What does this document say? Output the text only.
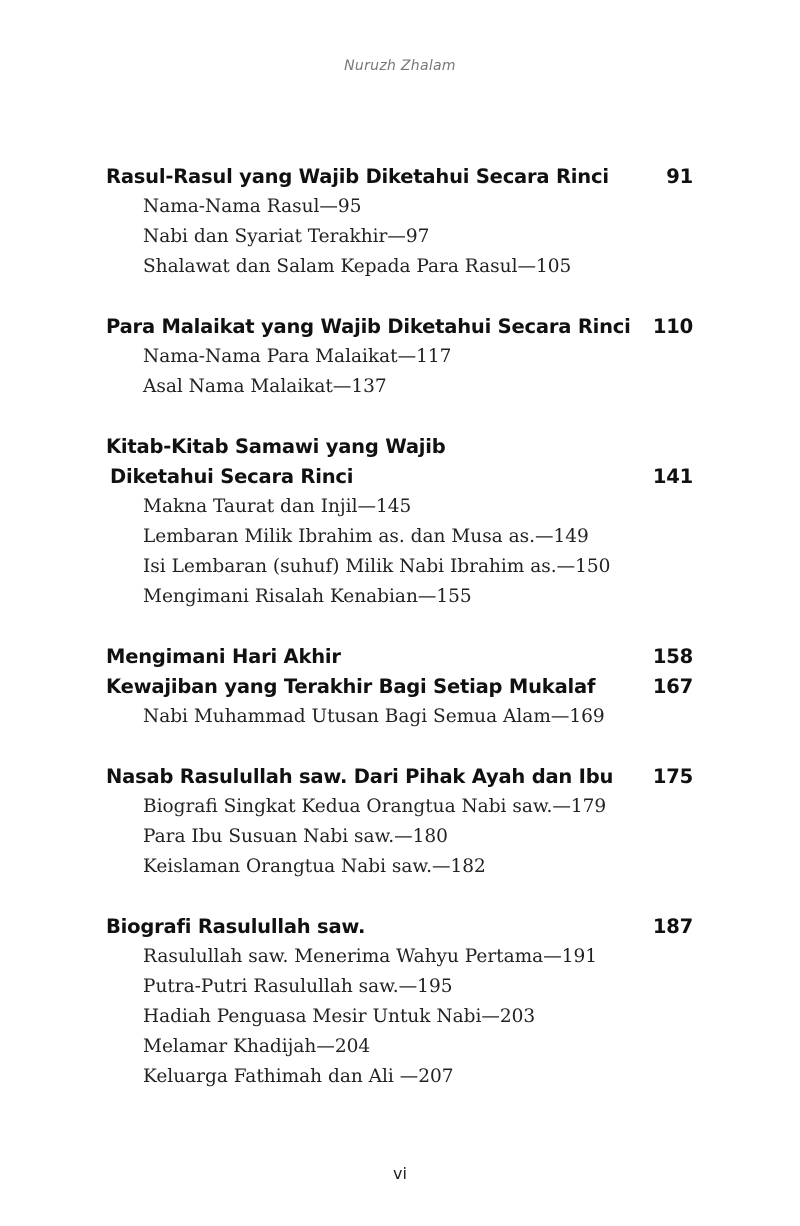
Nuruzh Zhalam
Rasul-Rasul yang Wajib Diketahui Secara Rinci	91
Nama-Nama Rasul—95
Nabi dan Syariat Terakhir—97
Shalawat dan Salam Kepada Para Rasul—105
Para Malaikat yang Wajib Diketahui Secara Rinci 110
Nama-Nama Para Malaikat—117
Asal Nama Malaikat—137
Kitab-Kitab Samawi yang Wajib
Diketahui Secara Rinci	141
Makna Taurat dan Injil—145
Lembaran Milik Ibrahim as. dan Musa as.—149
Isi Lembaran (suhuf) Milik Nabi Ibrahim as.—150
Mengimani Risalah Kenabian—155
Mengimani Hari Akhir	158
Kewajiban yang Terakhir Bagi Setiap Mukalaf	167
Nabi Muhammad Utusan Bagi Semua Alam—169
Nasab Rasulullah saw. Dari Pihak Ayah dan Ibu 175
Biografi Singkat Kedua Orangtua Nabi saw.—179
Para Ibu Susuan Nabi saw.—180
Keislaman Orangtua Nabi saw.—182
Biografi Rasulullah saw.	187
Rasulullah saw. Menerima Wahyu Pertama—191
Putra-Putri Rasulullah saw.—195
Hadiah Penguasa Mesir Untuk Nabi—203
Melamar Khadijah—204
Keluarga Fathimah dan Ali —207
vi
